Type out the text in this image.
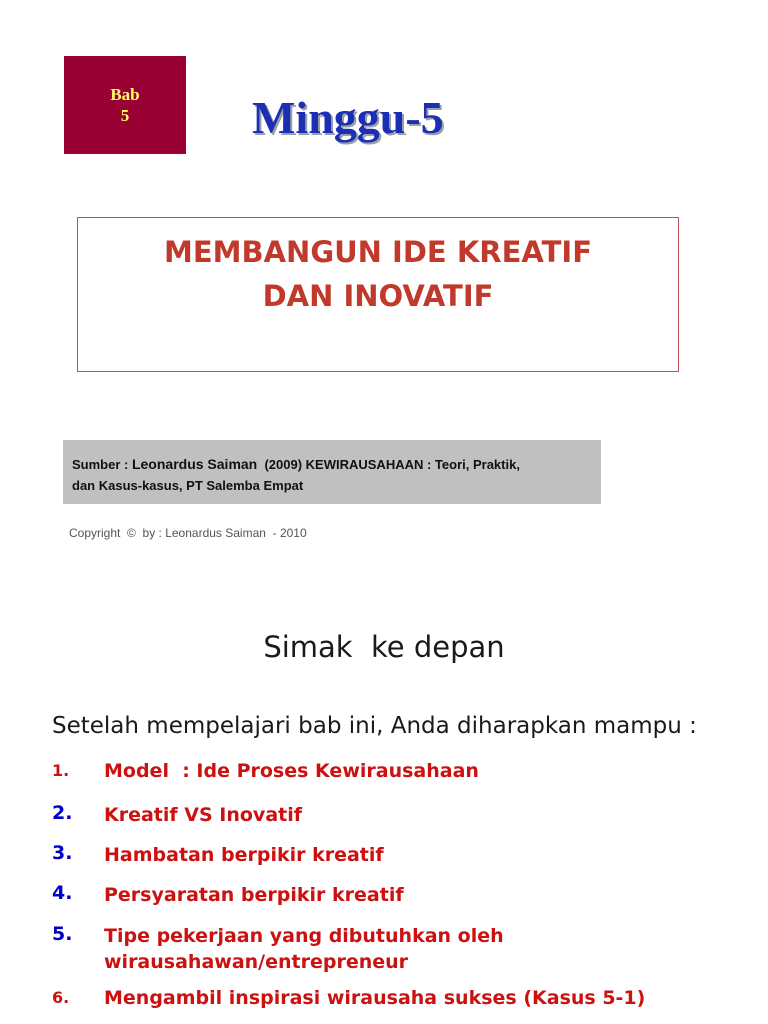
Bab
5	Minggu-5
MEMBANGUN IDE KREATIF
DAN INOVATIF
Sumber : Leonardus Saiman  (2009) KEWIRAUSAHAAN : Teori, Praktik,
dan Kasus-kasus, PT Salemba Empat
Copyright  ©  by : Leonardus Saiman  - 2010
Simak  ke depan
Setelah mempelajari bab ini, Anda diharapkan mampu :
1. Model  : Ide Proses Kewirausahaan
2. Kreatif VS Inovatif
3. Hambatan berpikir kreatif
4. Persyaratan berpikir kreatif
5. Tipe pekerjaan yang dibutuhkan oleh wirausahawan/entrepreneur
6. Mengambil inspirasi wirausaha sukses (Kasus 5-1)
